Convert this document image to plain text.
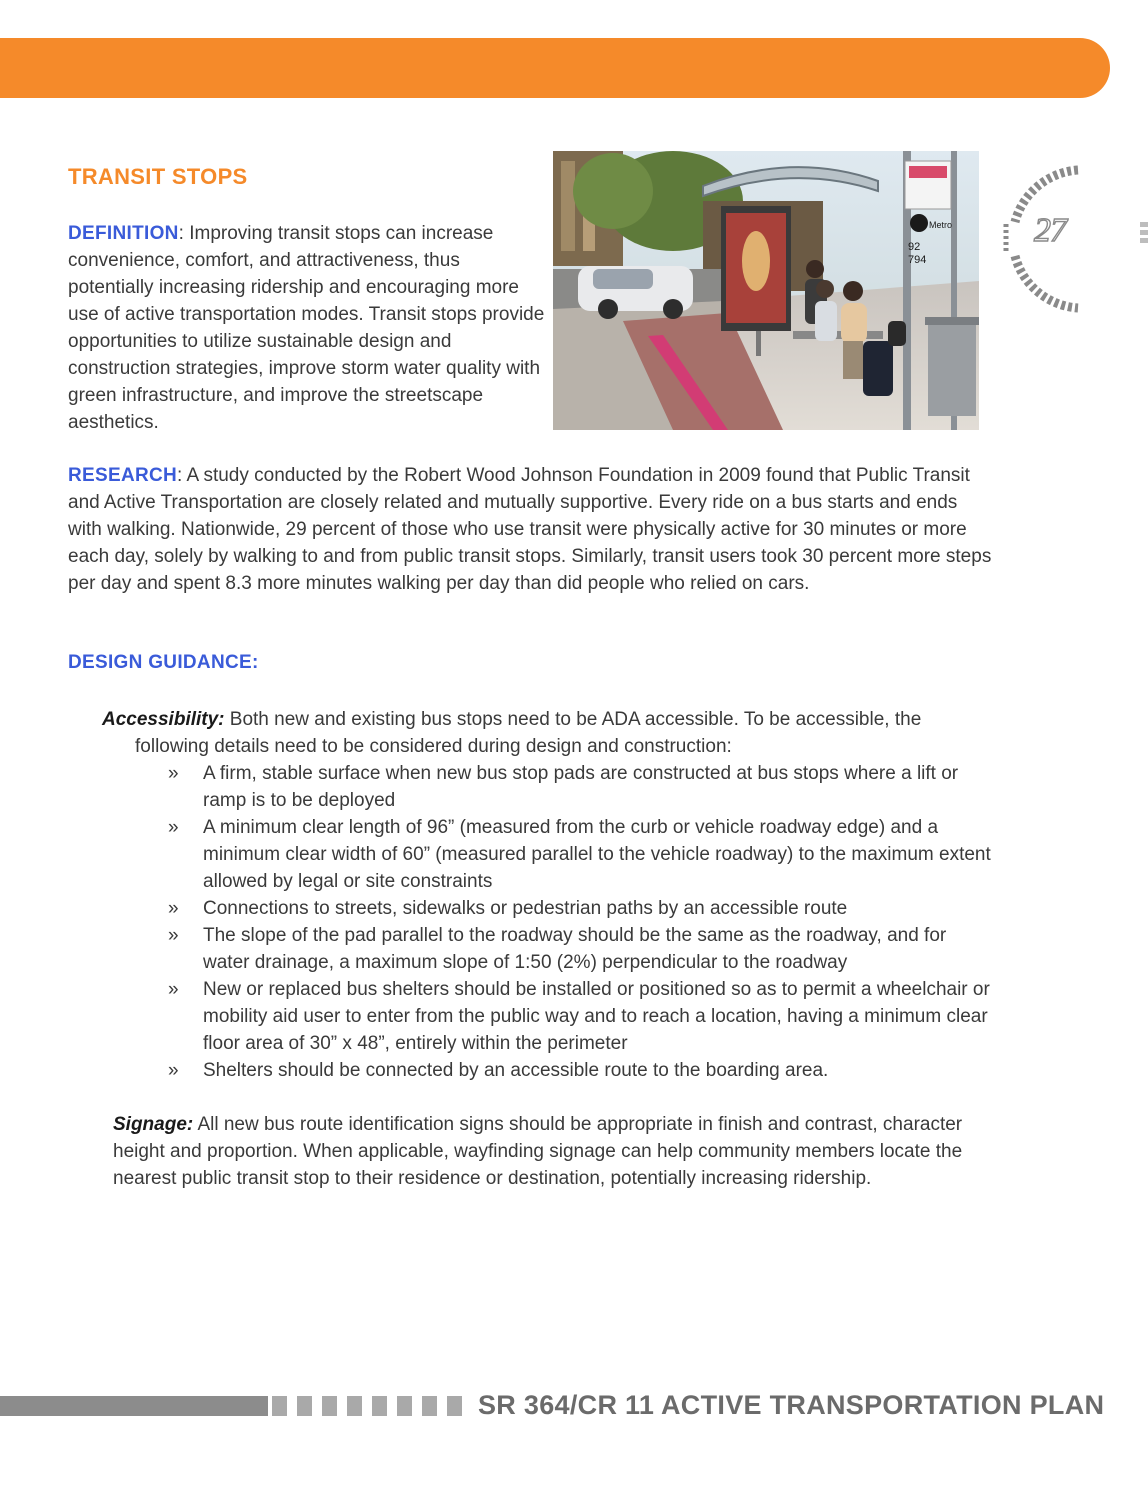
27
TRANSIT STOPS

DEFINITION: Improving transit stops can increase convenience, comfort, and attractiveness, thus potentially increasing ridership and encouraging more use of active transportation modes. Transit stops provide opportunities to utilize sustainable design and construction strategies, improve storm water quality with green infrastructure, and improve the streetscape aesthetics.

Metro
92
794

RESEARCH: A study conducted by the Robert Wood Johnson Foundation in 2009 found that Public Transit and Active Transportation are closely related and mutually supportive. Every ride on a bus starts and ends with walking. Nationwide, 29 percent of those who use transit were physically active for 30 minutes or more each day, solely by walking to and from public transit stops. Similarly, transit users took 30 percent more steps per day and spent 8.3 more minutes walking per day than did people who relied on cars.

DESIGN GUIDANCE:

Accessibility: Both new and existing bus stops need to be ADA accessible. To be accessible, the following details need to be considered during design and construction:

» A firm, stable surface when new bus stop pads are constructed at bus stops where a lift or ramp is to be deployed
» A minimum clear length of 96” (measured from the curb or vehicle roadway edge) and a minimum clear width of 60” (measured parallel to the vehicle roadway) to the maximum extent allowed by legal or site constraints
» Connections to streets, sidewalks or pedestrian paths by an accessible route
» The slope of the pad parallel to the roadway should be the same as the roadway, and for water drainage, a maximum slope of 1:50 (2%) perpendicular to the roadway
» New or replaced bus shelters should be installed or positioned so as to permit a wheelchair or mobility aid user to enter from the public way and to reach a location, having a minimum clear floor area of 30” x 48”, entirely within the perimeter
» Shelters should be connected by an accessible route to the boarding area.

Signage: All new bus route identification signs should be appropriate in finish and contrast, character height and proportion. When applicable, wayfinding signage can help community members locate the nearest public transit stop to their residence or destination, potentially increasing ridership.

SR 364/CR 11 ACTIVE TRANSPORTATION PLAN
